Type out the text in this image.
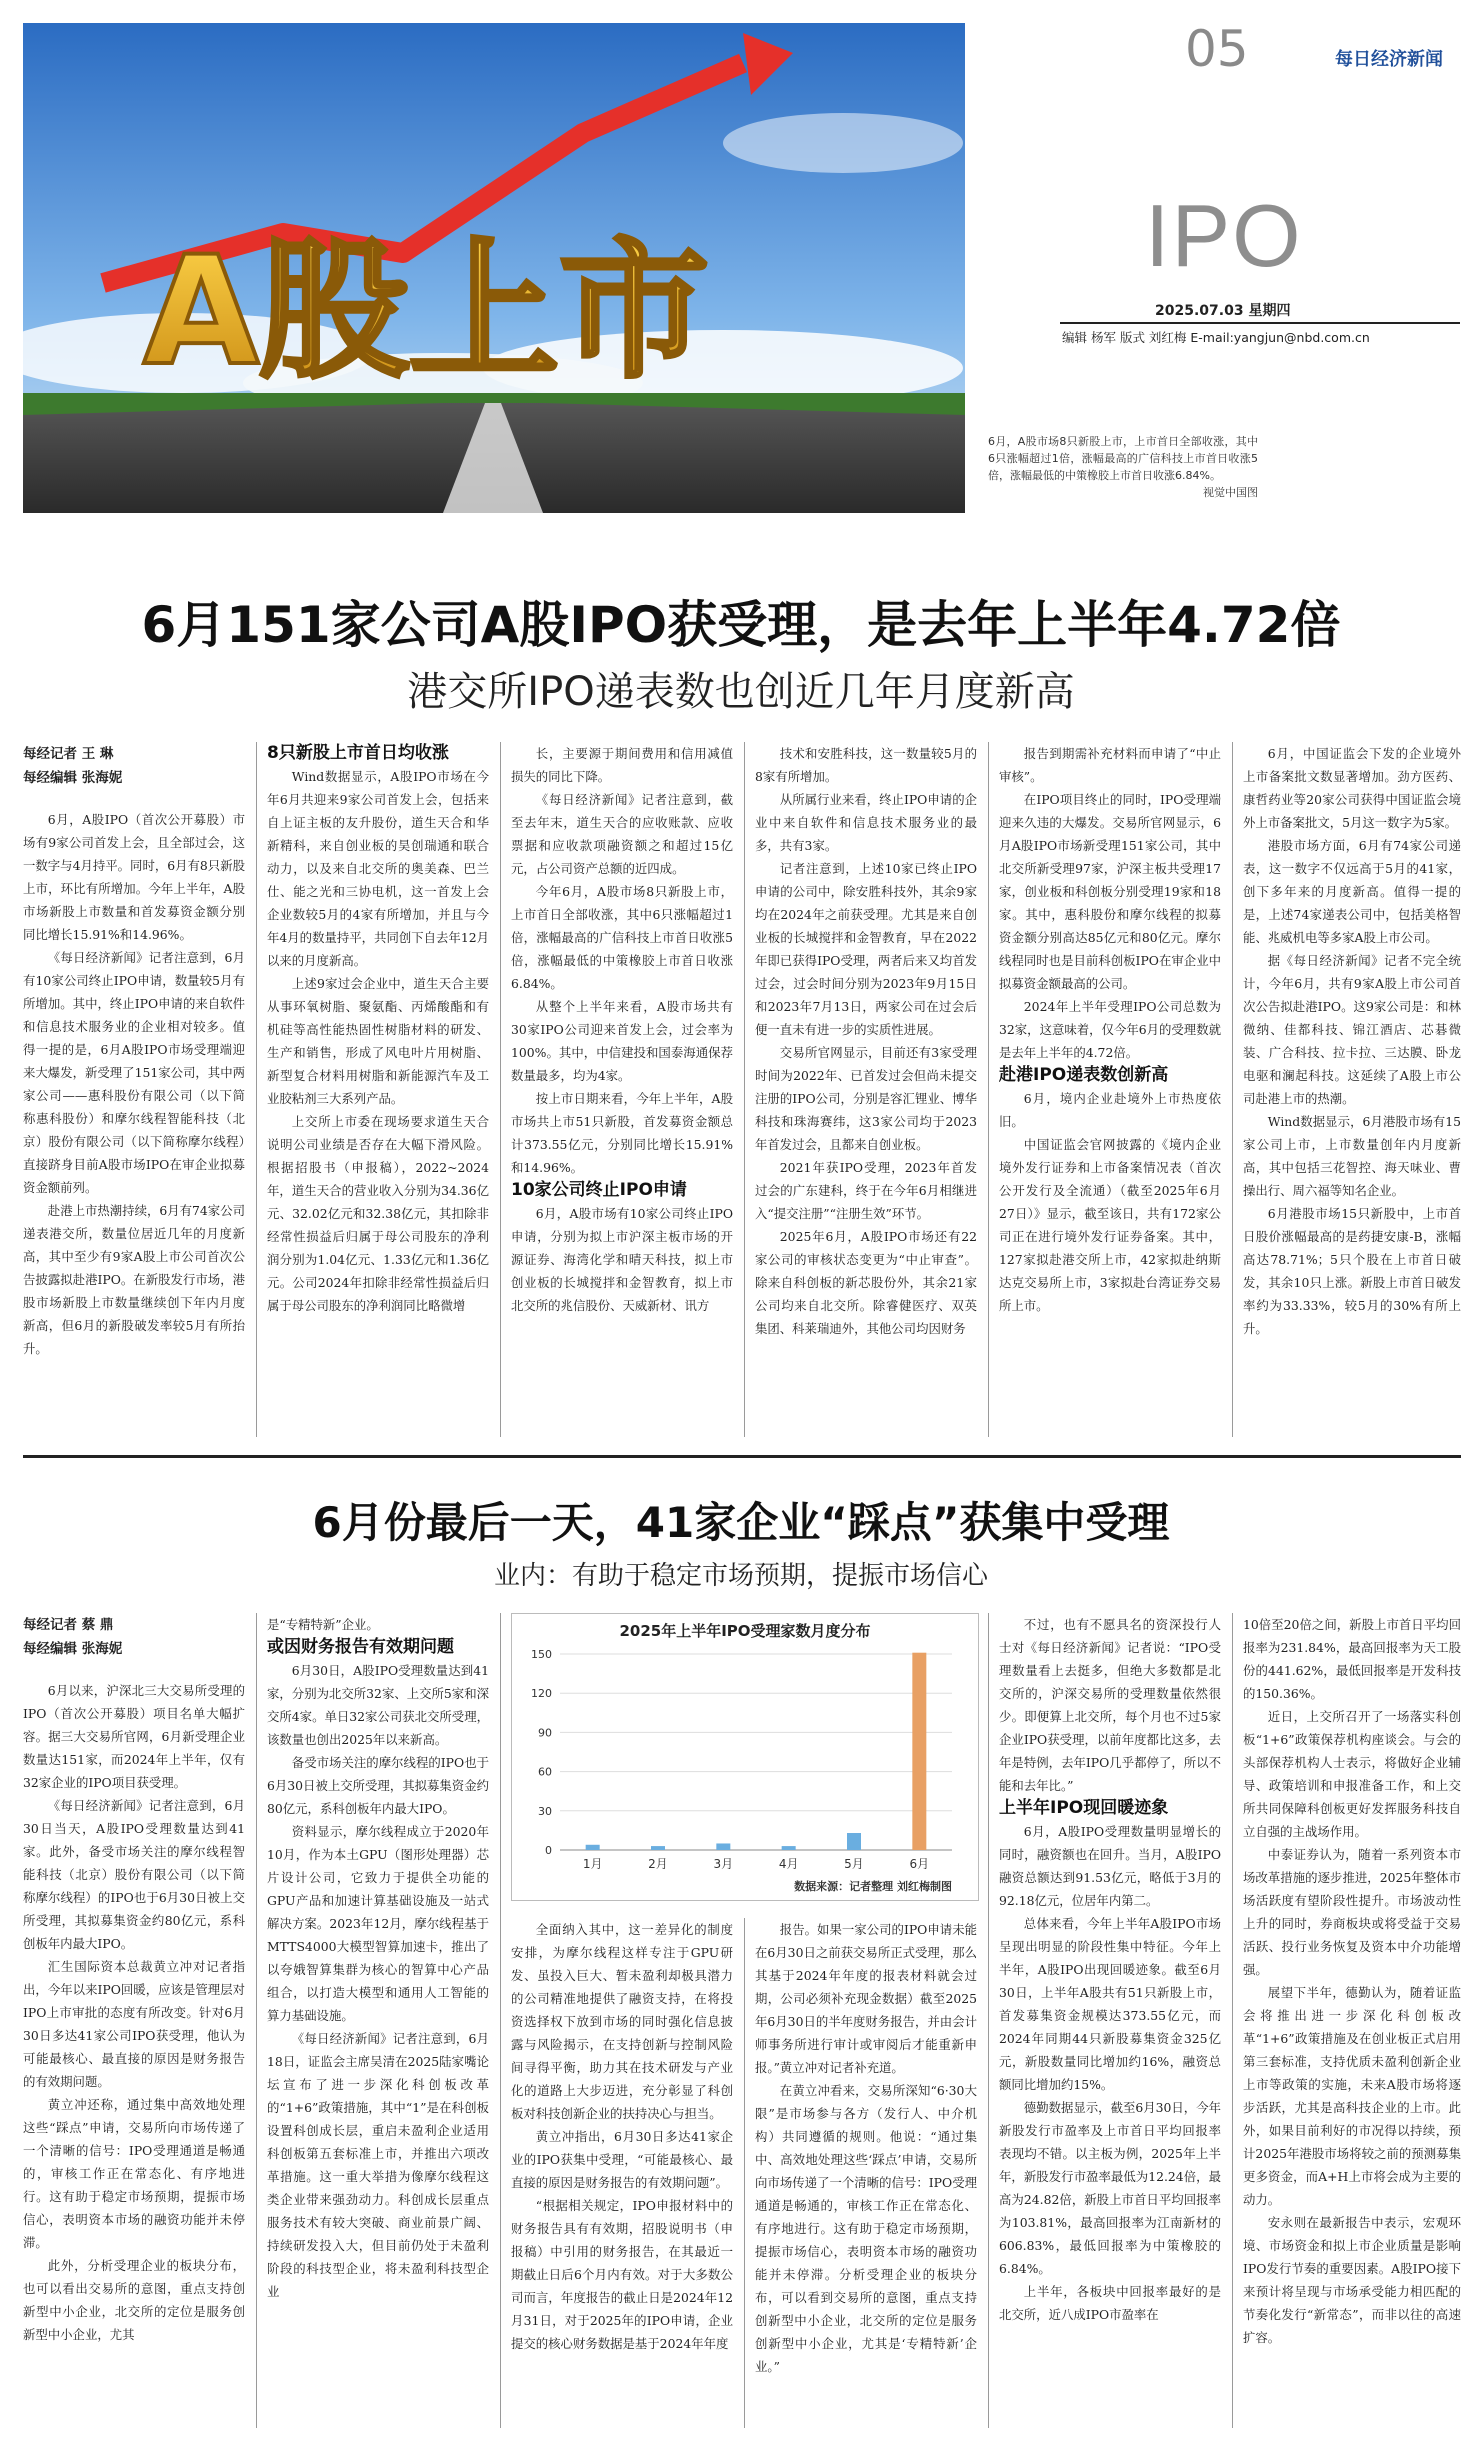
A股上市
05	每日经济新闻
IPO
2025.07.03 星期四
编辑 杨军 版式 刘红梅 E-mail:yangjun@nbd.com.cn
6月，A股市场8只新股上市，上市首日全部收涨，其中6只涨幅超过1倍，涨幅最高的广信科技上市首日收涨5倍，涨幅最低的中策橡胶上市首日收涨6.84%。
视觉中国图
6月151家公司A股IPO获受理，是去年上半年4.72倍
港交所IPO递表数也创近几年月度新高
每经记者 王 琳
每经编辑 张海妮

6月，A股IPO（首次公开募股）市场有9家公司首发上会，且全部过会，这一数字与4月持平。同时，6月有8只新股上市，环比有所增加。今年上半年，A股市场新股上市数量和首发募资金额分别同比增长15.91%和14.96%。

《每日经济新闻》记者注意到，6月有10家公司终止IPO申请，数量较5月有所增加。其中，终止IPO申请的来自软件和信息技术服务业的企业相对较多。值得一提的是，6月A股IPO市场受理端迎来大爆发，新受理了151家公司，其中两家公司——惠科股份有限公司（以下简称惠科股份）和摩尔线程智能科技（北京）股份有限公司（以下简称摩尔线程）直接跻身目前A股市场IPO在审企业拟募资金额前列。

赴港上市热潮持续，6月有74家公司递表港交所，数量位居近几年的月度新高，其中至少有9家A股上市公司首次公告披露拟赴港IPO。在新股发行市场，港股市场新股上市数量继续创下年内月度新高，但6月的新股破发率较5月有所抬升。

8只新股上市首日均收涨

Wind数据显示，A股IPO市场在今年6月共迎来9家公司首发上会，包括来自上证主板的友升股份，道生天合和华新精科，来自创业板的昊创瑞通和联合动力，以及来自北交所的奥美森、巴兰仕、能之光和三协电机，这一首发上会企业数较5月的4家有所增加，并且与今年4月的数量持平，共同创下自去年12月以来的月度新高。

上述9家过会企业中，道生天合主要从事环氧树脂、聚氨酯、丙烯酸酯和有机硅等高性能热固性树脂材料的研发、生产和销售，形成了风电叶片用树脂、新型复合材料用树脂和新能源汽车及工业胶粘剂三大系列产品。

上交所上市委在现场要求道生天合说明公司业绩是否存在大幅下滑风险。根据招股书（申报稿），2022~2024年，道生天合的营业收入分别为34.36亿元、32.02亿元和32.38亿元，其扣除非经常性损益后归属于母公司股东的净利润分别为1.04亿元、1.33亿元和1.36亿元。公司2024年扣除非经常性损益后归属于母公司股东的净利润同比略微增

长，主要源于期间费用和信用减值损失的同比下降。

《每日经济新闻》记者注意到，截至去年末，道生天合的应收账款、应收票据和应收款项融资额之和超过15亿元，占公司资产总额的近四成。

今年6月，A股市场8只新股上市，上市首日全部收涨，其中6只涨幅超过1倍，涨幅最高的广信科技上市首日收涨5倍，涨幅最低的中策橡胶上市首日收涨6.84%。

从整个上半年来看，A股市场共有30家IPO公司迎来首发上会，过会率为100%。其中，中信建投和国泰海通保荐数量最多，均为4家。

按上市日期来看，今年上半年，A股市场共上市51只新股，首发募资金额总计373.55亿元，分别同比增长15.91%和14.96%。

10家公司终止IPO申请

6月，A股市场有10家公司终止IPO申请，分别为拟上市沪深主板市场的开源证券、海湾化学和晴天科技，拟上市创业板的长城搅拌和金智教育，拟上市北交所的兆信股份、天威新材、讯方

技术和安胜科技，这一数量较5月的8家有所增加。

从所属行业来看，终止IPO申请的企业中来自软件和信息技术服务业的最多，共有3家。

记者注意到，上述10家已终止IPO申请的公司中，除安胜科技外，其余9家均在2024年之前获受理。尤其是来自创业板的长城搅拌和金智教育，早在2022年即已获得IPO受理，两者后来又均首发过会，过会时间分别为2023年9月15日和2023年7月13日，两家公司在过会后便一直未有进一步的实质性进展。

交易所官网显示，目前还有3家受理时间为2022年、已首发过会但尚未提交注册的IPO公司，分别是容汇锂业、博华科技和珠海赛纬，这3家公司均于2023年首发过会，且都来自创业板。

2021年获IPO受理，2023年首发过会的广东建科，终于在今年6月相继进入“提交注册”“注册生效”环节。

2025年6月，A股IPO市场还有22家公司的审核状态变更为“中止审查”。除来自科创板的新芯股份外，其余21家公司均来自北交所。除睿健医疗、双英集团、科莱瑞迪外，其他公司均因财务

报告到期需补充材料而申请了“中止审核”。

在IPO项目终止的同时，IPO受理端迎来久违的大爆发。交易所官网显示，6月A股IPO市场新受理151家公司，其中北交所新受理97家，沪深主板共受理17家，创业板和科创板分别受理19家和18家。其中，惠科股份和摩尔线程的拟募资金额分别高达85亿元和80亿元。摩尔线程同时也是目前科创板IPO在审企业中拟募资金额最高的公司。

2024年上半年受理IPO公司总数为32家，这意味着，仅今年6月的受理数就是去年上半年的4.72倍。

赴港IPO递表数创新高

6月，境内企业赴境外上市热度依旧。

中国证监会官网披露的《境内企业境外发行证券和上市备案情况表（首次公开发行及全流通）（截至2025年6月27日）》显示，截至该日，共有172家公司正在进行境外发行证券备案。其中，127家拟赴港交所上市，42家拟赴纳斯达克交易所上市，3家拟赴台湾证券交易所上市。

6月，中国证监会下发的企业境外上市备案批文数显著增加。劲方医药、康哲药业等20家公司获得中国证监会境外上市备案批文，5月这一数字为5家。

港股市场方面，6月有74家公司递表，这一数字不仅远高于5月的41家，创下多年来的月度新高。值得一提的是，上述74家递表公司中，包括美格智能、兆威机电等多家A股上市公司。

据《每日经济新闻》记者不完全统计，今年6月，共有9家A股上市公司首次公告拟赴港IPO。这9家公司是：和林微纳、佳都科技、锦江酒店、芯碁微装、广合科技、拉卡拉、三达膜、卧龙电驱和澜起科技。这延续了A股上市公司赴港上市的热潮。

Wind数据显示，6月港股市场有15家公司上市，上市数量创年内月度新高，其中包括三花智控、海天味业、曹操出行、周六福等知名企业。

6月港股市场15只新股中，上市首日股价涨幅最高的是药捷安康-B，涨幅高达78.71%；5只个股在上市首日破发，其余10只上涨。新股上市首日破发率约为33.33%，较5月的30%有所上升。

6月份最后一天，41家企业“踩点”获集中受理
业内：有助于稳定市场预期，提振市场信心
每经记者 蔡 鼎
每经编辑 张海妮

6月以来，沪深北三大交易所受理的IPO（首次公开募股）项目名单大幅扩容。据三大交易所官网，6月新受理企业数量达151家，而2024年上半年，仅有32家企业的IPO项目获受理。

《每日经济新闻》记者注意到，6月30日当天，A股IPO受理数量达到41家。此外，备受市场关注的摩尔线程智能科技（北京）股份有限公司（以下简称摩尔线程）的IPO也于6月30日被上交所受理，其拟募集资金约80亿元，系科创板年内最大IPO。

汇生国际资本总裁黄立冲对记者指出，今年以来IPO回暖，应该是管理层对IPO上市审批的态度有所改变。针对6月30日多达41家公司IPO获受理，他认为可能最核心、最直接的原因是财务报告的有效期问题。

黄立冲还称，通过集中高效地处理这些“踩点”申请，交易所向市场传递了一个清晰的信号：IPO受理通道是畅通的，审核工作正在常态化、有序地进行。这有助于稳定市场预期，提振市场信心，表明资本市场的融资功能并未停滞。

此外，分析受理企业的板块分布，也可以看出交易所的意图，重点支持创新型中小企业，北交所的定位是服务创新型中小企业，尤其

是“专精特新”企业。

或因财务报告有效期问题

6月30日，A股IPO受理数量达到41家，分别为北交所32家、上交所5家和深交所4家。单日32家公司获北交所受理，该数量也创出2025年以来新高。

备受市场关注的摩尔线程的IPO也于6月30日被上交所受理，其拟募集资金约80亿元，系科创板年内最大IPO。

资料显示，摩尔线程成立于2020年10月，作为本土GPU（图形处理器）芯片设计公司，它致力于提供全功能的GPU产品和加速计算基础设施及一站式解决方案。2023年12月，摩尔线程基于MTTS4000大模型智算加速卡，推出了以夸娥智算集群为核心的智算中心产品组合，以打造大模型和通用人工智能的算力基础设施。

《每日经济新闻》记者注意到，6月18日，证监会主席吴清在2025陆家嘴论坛宣布了进一步深化科创板改革的“1+6”政策措施，其中“1”是在科创板设置科创成长层，重启未盈利企业适用科创板第五套标准上市，并推出六项改革措施。这一重大举措为像摩尔线程这类企业带来强劲动力。科创成长层重点服务技术有较大突破、商业前景广阔、持续研发投入大，但目前仍处于未盈利阶段的科技型企业，将未盈利科技型企业

2025年上半年IPO受理家数月度分布
0
30
60
90
120
150
1月	2月	3月	4月	5月	6月
数据来源：记者整理 刘红梅制图

全面纳入其中，这一差异化的制度安排，为摩尔线程这样专注于GPU研发、虽投入巨大、暂未盈利却极具潜力的公司精准地提供了融资支持，在将投资选择权下放到市场的同时强化信息披露与风险揭示，在支持创新与控制风险间寻得平衡，助力其在技术研发与产业化的道路上大步迈进，充分彰显了科创板对科技创新企业的扶持决心与担当。

黄立冲指出，6月30日多达41家企业的IPO获集中受理，“可能最核心、最直接的原因是财务报告的有效期问题”。

“根据相关规定，IPO申报材料中的财务报告具有有效期，招股说明书（申报稿）中引用的财务报告，在其最近一期截止日后6个月内有效。对于大多数公司而言，年度报告的截止日是2024年12月31日，对于2025年的IPO申请，企业提交的核心财务数据是基于2024年年度

报告。如果一家公司的IPO申请未能在6月30日之前获交易所正式受理，那么其基于2024年年度的报表材料就会过期，公司必须补充现金数据）截至2025年6月30日的半年度财务报告，并由会计师事务所进行审计或审阅后才能重新申报。”黄立冲对记者补充道。

在黄立冲看来，交易所深知“6·30大限”是市场参与各方（发行人、中介机构）共同遵循的规则。他说：“通过集中、高效地处理这些‘踩点’申请，交易所向市场传递了一个清晰的信号：IPO受理通道是畅通的，审核工作正在常态化、有序地进行。这有助于稳定市场预期，提振市场信心，表明资本市场的融资功能并未停滞。分析受理企业的板块分布，可以看到交易所的意图，重点支持创新型中小企业，北交所的定位是服务创新型中小企业，尤其是‘专精特新’企业。”

不过，也有不愿具名的资深投行人士对《每日经济新闻》记者说：“IPO受理数量看上去挺多，但绝大多数都是北交所的，沪深交易所的受理数量依然很少。即便算上北交所，每个月也不过5家企业IPO获受理，以前年度都比这多，去年是特例，去年IPO几乎都停了，所以不能和去年比。”

上半年IPO现回暖迹象

6月，A股IPO受理数量明显增长的同时，融资额也在回升。当月，A股IPO融资总额达到91.53亿元，略低于3月的92.18亿元，位居年内第二。

总体来看，今年上半年A股IPO市场呈现出明显的阶段性集中特征。今年上半年，A股IPO出现回暖迹象。截至6月30日，上半年A股共有51只新股上市，首发募集资金规模达373.55亿元，而2024年同期44只新股募集资金325亿元，新股数量同比增加约16%，融资总额同比增加约15%。

德勤数据显示，截至6月30日，今年新股发行市盈率及上市首日平均回报率表现均不错。以主板为例，2025年上半年，新股发行市盈率最低为12.24倍，最高为24.82倍，新股上市首日平均回报率为103.81%，最高回报率为江南新材的606.83%，最低回报率为中策橡胶的6.84%。

上半年，各板块中回报率最好的是北交所，近八成IPO市盈率在

10倍至20倍之间，新股上市首日平均回报率为231.84%，最高回报率为天工股份的441.62%，最低回报率是开发科技的150.36%。

近日，上交所召开了一场落实科创板“1+6”政策保荐机构座谈会。与会的头部保荐机构人士表示，将做好企业辅导、政策培训和申报准备工作，和上交所共同保障科创板更好发挥服务科技自立自强的主战场作用。

中泰证券认为，随着一系列资本市场改革措施的逐步推进，2025年整体市场活跃度有望阶段性提升。市场波动性上升的同时，券商板块或将受益于交易活跃、投行业务恢复及资本中介功能增强。

展望下半年，德勤认为，随着证监会将推出进一步深化科创板改革“1+6”政策措施及在创业板正式启用第三套标准，支持优质未盈利创新企业上市等政策的实施，未来A股市场将逐步活跃，尤其是高科技企业的上市。此外，如果目前利好的市况得以持续，预计2025年港股市场将较之前的预测募集更多资金，而A+H上市将会成为主要的动力。

安永则在最新报告中表示，宏观环境、市场资金和拟上市企业质量是影响IPO发行节奏的重要因素。A股IPO接下来预计将呈现与市场承受能力相匹配的节奏化发行“新常态”，而非以往的高速扩容。
